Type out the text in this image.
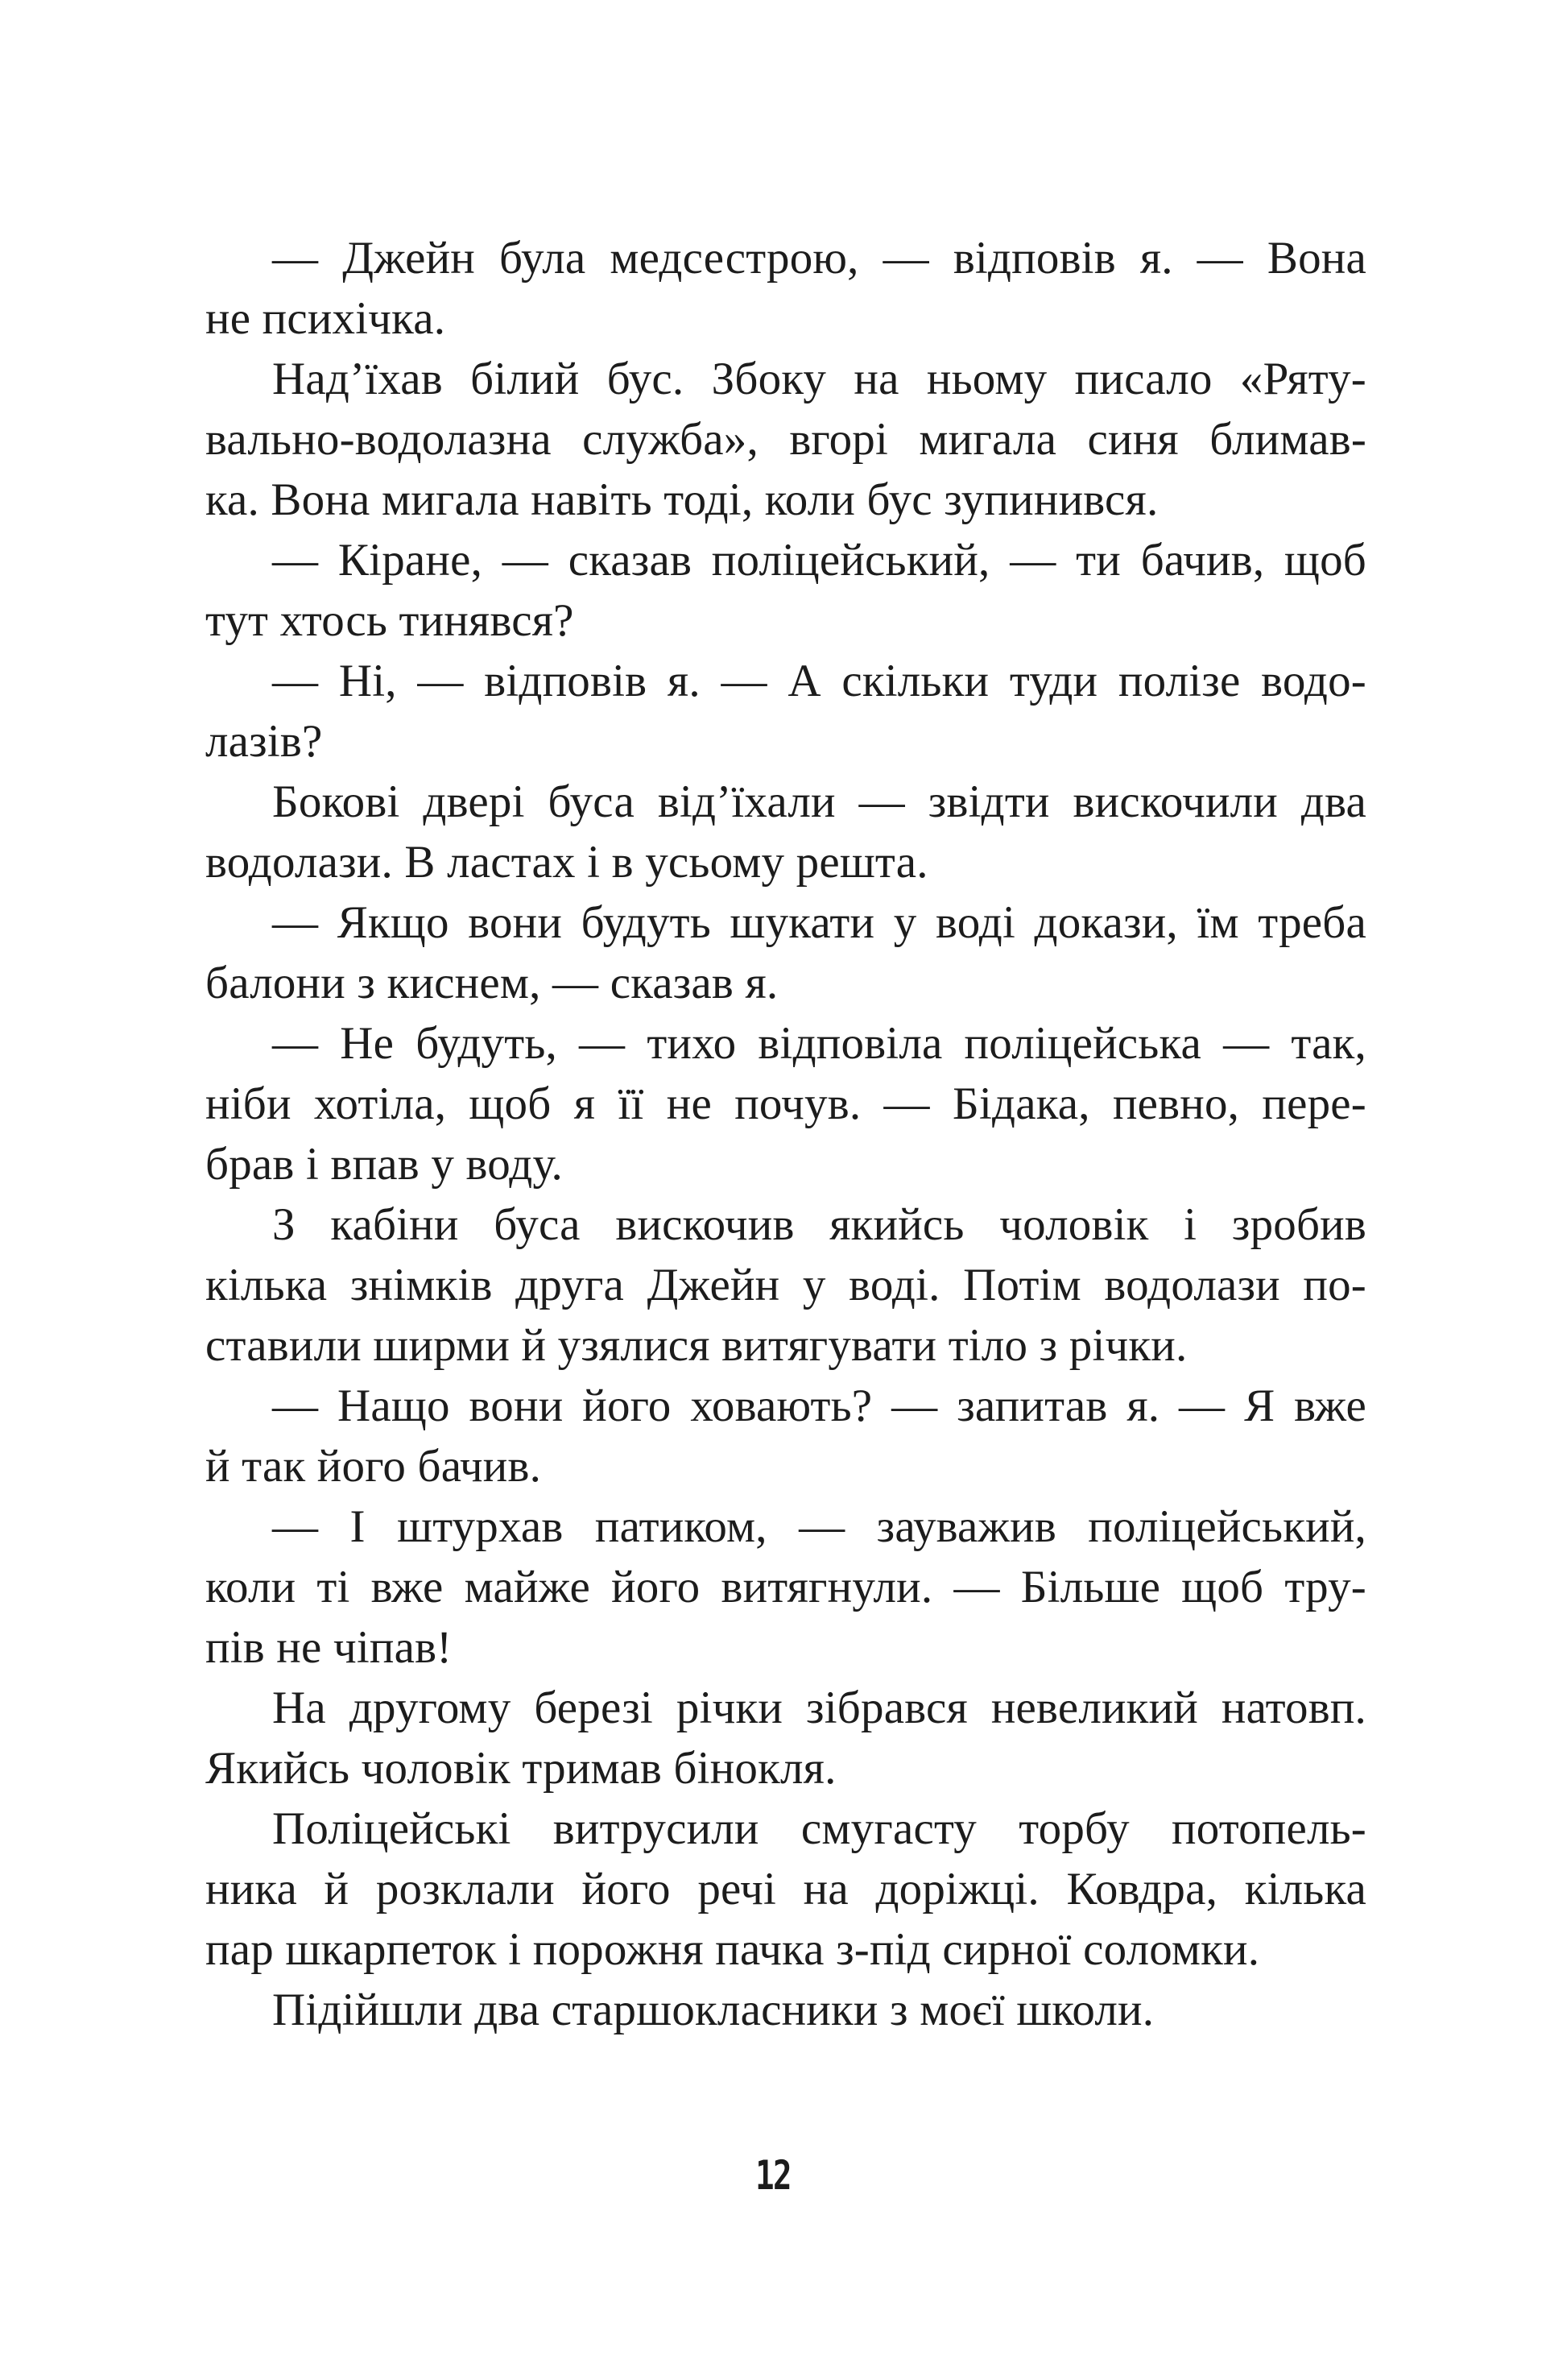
— Джейн була медсестрою, — відповів я. — Вона
не психічка.
Над’їхав білий бус. Збоку на ньому писало «Ряту-
вально-водолазна служба», вгорі мигала синя блимав-
ка. Вона мигала навіть тоді, коли бус зупинився.
— Кіране, — сказав поліцейський, — ти бачив, щоб
тут хтось тинявся?
— Ні, — відповів я. — А скільки туди полізе водо-
лазів?
Бокові двері буса від’їхали — звідти вискочили два
водолази. В ластах і в усьому решта.
— Якщо вони будуть шукати у воді докази, їм треба
балони з киснем, — сказав я.
— Не будуть, — тихо відповіла поліцейська — так,
ніби хотіла, щоб я її не почув. — Бідака, певно, пере-
брав і впав у воду.
З кабіни буса вискочив якийсь чоловік і зробив
кілька знімків друга Джейн у воді. Потім водолази по-
ставили ширми й узялися витягувати тіло з річки.
— Нащо вони його ховають? — запитав я. — Я вже
й так його бачив.
— І штурхав патиком, — зауважив поліцейський,
коли ті вже майже його витягнули. — Більше щоб тру-
пів не чіпав!
На другому березі річки зібрався невеликий натовп.
Якийсь чоловік тримав бінокля.
Поліцейські витрусили смугасту торбу потопель-
ника й розклали його речі на доріжці. Ковдра, кілька
пар шкарпеток і порожня пачка з-під сирної соломки.
Підійшли два старшокласники з моєї школи.
12
